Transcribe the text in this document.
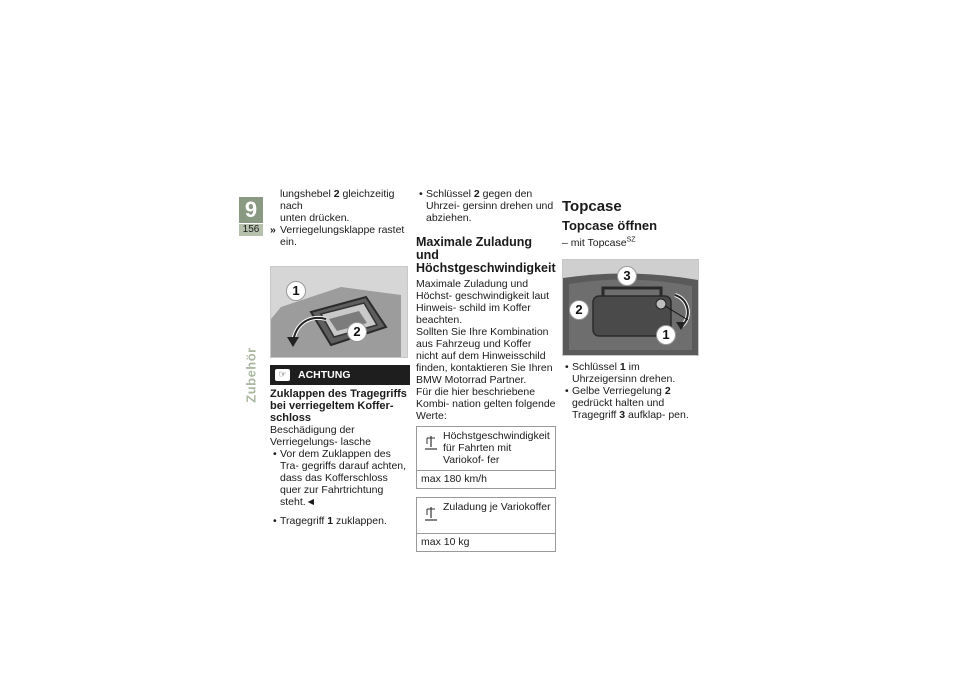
9
156
Zubehör

lungshebel 2 gleichzeitig nach
unten drücken.

» Verriegelungsklappe rastet ein.

1
2
☞	ACHTUNG

Zuklappen des Tragegriffs bei verriegeltem Koffer- schloss

Beschädigung der Verriegelungs- lasche

• Vor dem Zuklappen des Tra- gegriffs darauf achten, dass das Kofferschloss quer zur Fahrtrichtung steht.◄

• Tragegriff 1 zuklappen.

• Schlüssel 2 gegen den Uhrzei- gersinn drehen und abziehen.

Maximale Zuladung und Höchstgeschwindigkeit

Maximale Zuladung und Höchst- geschwindigkeit laut Hinweis- schild im Koffer beachten.

Sollten Sie Ihre Kombination aus Fahrzeug und Koffer nicht auf dem Hinweisschild finden, kontaktieren Sie Ihren BMW Motorrad Partner.

Für die hier beschriebene Kombi- nation gelten folgende Werte:

Höchstgeschwindigkeit für Fahrten mit Variokof- fer
max 180 km/h
Zuladung je Variokoffer
max 10 kg

Topcase

Topcase öffnen

– mit Topcase$^{SZ}$

3
2
1

• Schlüssel 1 im Uhrzeigersinn drehen.

• Gelbe Verriegelung 2 gedrückt halten und Tragegriff 3 aufklap- pen.
